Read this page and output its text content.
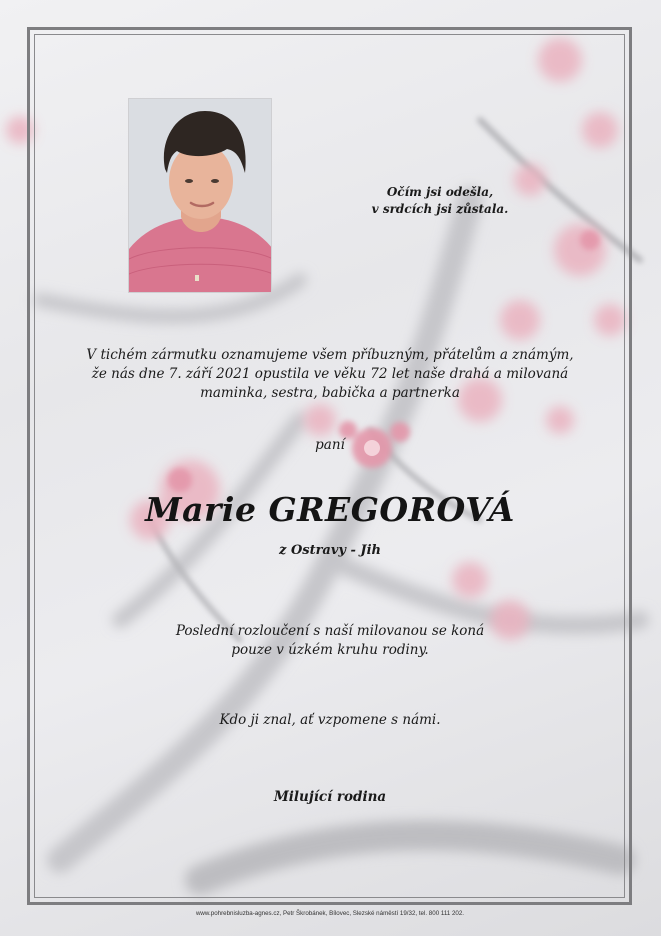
Očím jsi odešla,
v srdcích jsi zůstala.
V tichém zármutku oznamujeme všem příbuzným, přátelům a známým,
že nás dne 7. září 2021 opustila ve věku 72 let naše drahá a milovaná
maminka, sestra, babička a partnerka
paní
Marie GREGOROVÁ
z Ostravy - Jih
Poslední rozloučení s naší milovanou se koná
pouze v úzkém kruhu rodiny.
Kdo ji znal, ať vzpomene s námi.
Milující rodina
www.pohrebnisluzba-agnes.cz, Petr Škrobánek, Bílovec, Slezské náměstí 19/32, tel. 800 111 202.
